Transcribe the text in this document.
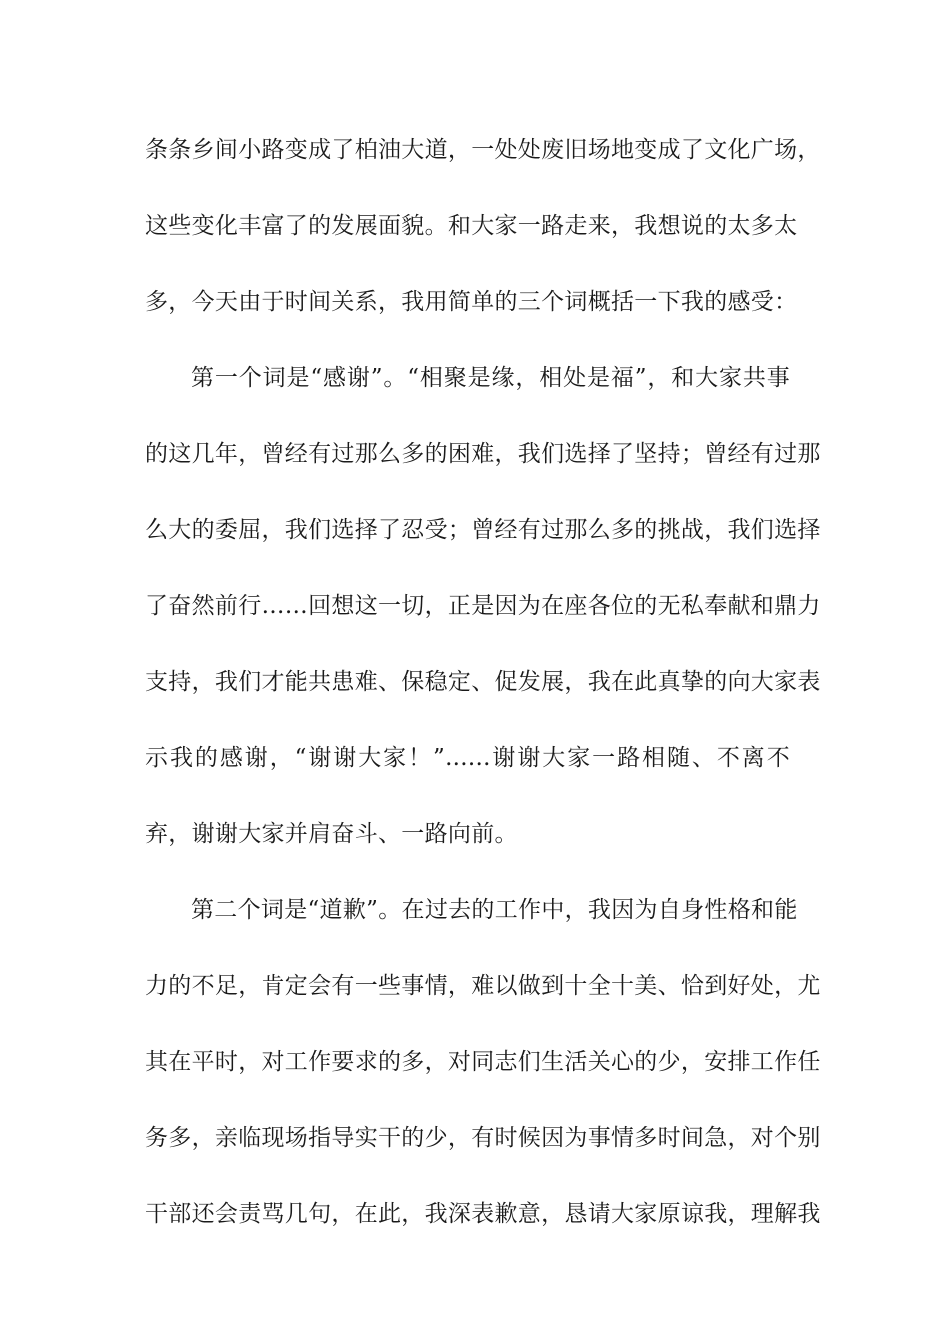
条条乡间小路变成了柏油大道，一处处废旧场地变成了文化广场，
这些变化丰富了的发展面貌。和大家一路走来，我想说的太多太
多，今天由于时间关系，我用简单的三个词概括一下我的感受：
第一个词是“感谢”。“相聚是缘，相处是福”，和大家共事
的这几年，曾经有过那么多的困难，我们选择了坚持；曾经有过那
么大的委屈，我们选择了忍受；曾经有过那么多的挑战，我们选择
了奋然前行……回想这一切，正是因为在座各位的无私奉献和鼎力
支持，我们才能共患难、保稳定、促发展，我在此真挚的向大家表
示我的感谢，“谢谢大家！”......谢谢大家一路相随、不离不
弃，谢谢大家并肩奋斗、一路向前。
第二个词是“道歉”。在过去的工作中，我因为自身性格和能
力的不足，肯定会有一些事情，难以做到十全十美、恰到好处，尤
其在平时，对工作要求的多，对同志们生活关心的少，安排工作任
务多，亲临现场指导实干的少，有时候因为事情多时间急，对个别
干部还会责骂几句，在此，我深表歉意，恳请大家原谅我，理解我
